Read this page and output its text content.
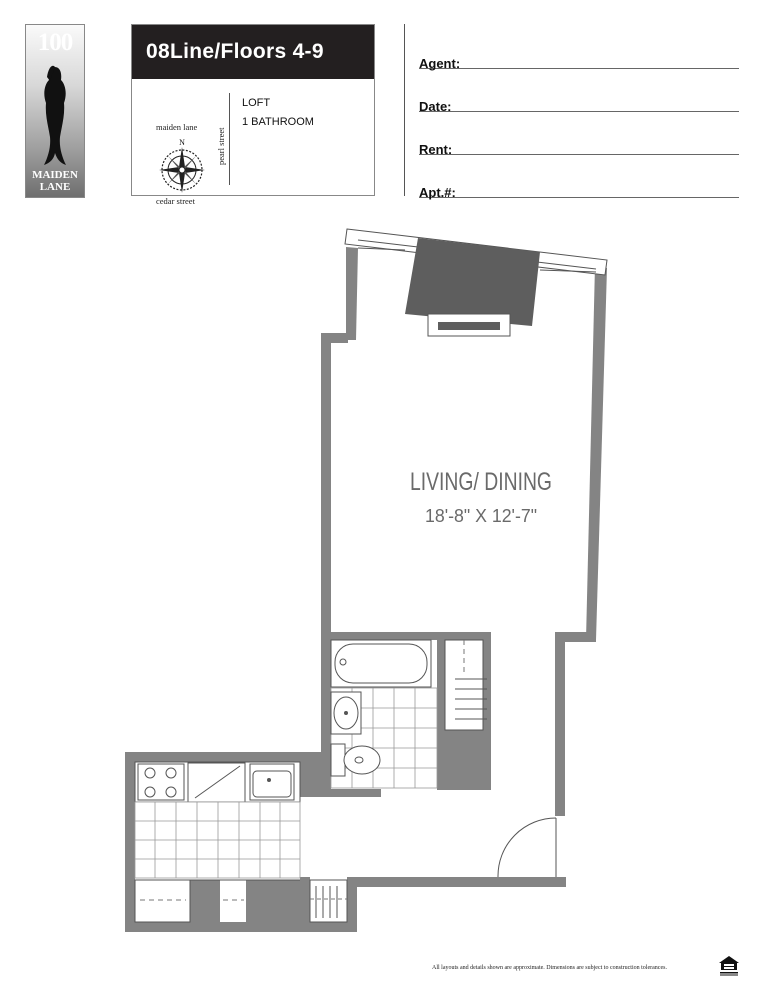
100
MAIDEN
LANE
08Line/Floors 4-9
maiden lane
cedar street
pearl street
N
LOFT
1 BATHROOM
Agent:
Date:
Rent:
Apt.#:
LIVING/ DINING
18'-8" X 12'-7"
All layouts and details shown are approximate. Dimensions are subject to construction tolerances.
